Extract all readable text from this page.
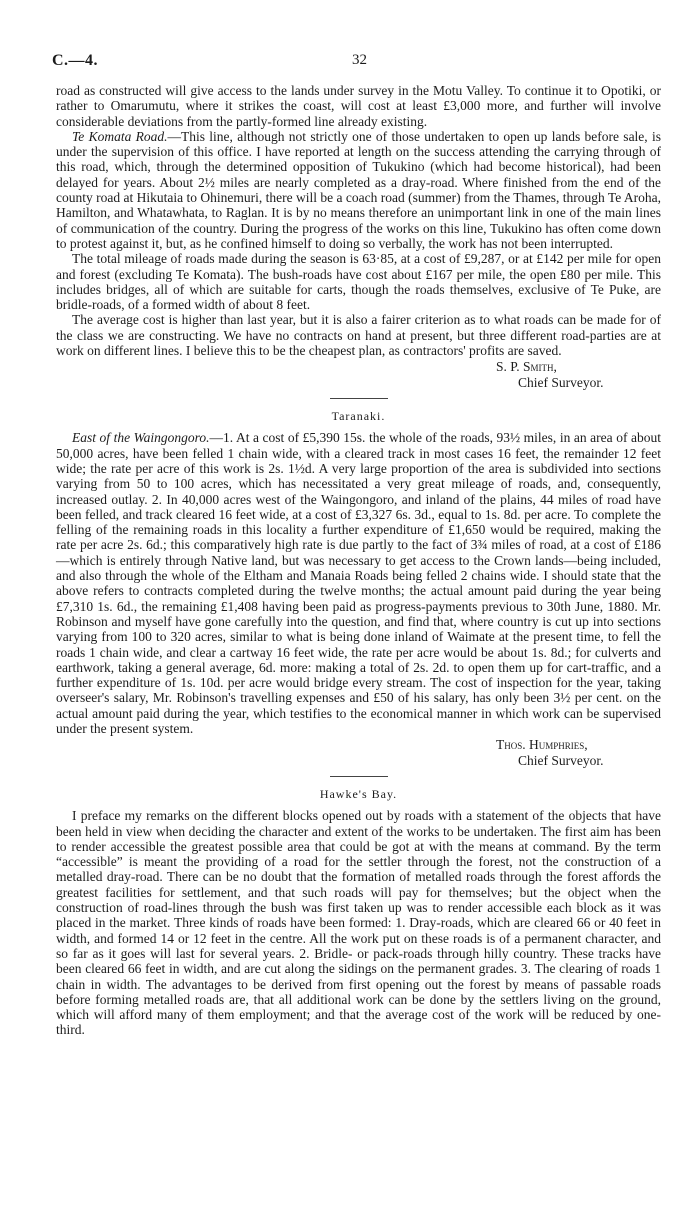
C.—4.	32

road as constructed will give access to the lands under survey in the Motu Valley. To continue it to Opotiki, or rather to Omarumutu, where it strikes the coast, will cost at least £3,000 more, and further will involve considerable deviations from the partly-formed line already existing.

Te Komata Road.—This line, although not strictly one of those undertaken to open up lands before sale, is under the supervision of this office. I have reported at length on the success attending the carrying through of this road, which, through the determined opposition of Tukukino (which had become historical), had been delayed for years. About 2½ miles are nearly completed as a dray-road. Where finished from the end of the county road at Hikutaia to Ohinemuri, there will be a coach road (summer) from the Thames, through Te Aroha, Hamilton, and Whatawhata, to Raglan. It is by no means therefore an unimportant link in one of the main lines of communication of the country. During the progress of the works on this line, Tukukino has often come down to protest against it, but, as he confined himself to doing so verbally, the work has not been interrupted.

The total mileage of roads made during the season is 63·85, at a cost of £9,287, or at £142 per mile for open and forest (excluding Te Komata). The bush-roads have cost about £167 per mile, the open £80 per mile. This includes bridges, all of which are suitable for carts, though the roads themselves, exclusive of Te Puke, are bridle-roads, of a formed width of about 8 feet.

The average cost is higher than last year, but it is also a fairer criterion as to what roads can be made for of the class we are constructing. We have no contracts on hand at present, but three different road-parties are at work on different lines. I believe this to be the cheapest plan, as contractors' profits are saved.

S. P. Smith,
Chief Surveyor.
Taranaki.

East of the Waingongoro.—1. At a cost of £5,390 15s. the whole of the roads, 93½ miles, in an area of about 50,000 acres, have been felled 1 chain wide, with a cleared track in most cases 16 feet, the remainder 12 feet wide; the rate per acre of this work is 2s. 1½d. A very large proportion of the area is subdivided into sections varying from 50 to 100 acres, which has necessitated a very great mileage of roads, and, consequently, increased outlay. 2. In 40,000 acres west of the Waingongoro, and inland of the plains, 44 miles of road have been felled, and track cleared 16 feet wide, at a cost of £3,327 6s. 3d., equal to 1s. 8d. per acre. To complete the felling of the remaining roads in this locality a further expenditure of £1,650 would be required, making the rate per acre 2s. 6d.; this comparatively high rate is due partly to the fact of 3¾ miles of road, at a cost of £186—which is entirely through Native land, but was necessary to get access to the Crown lands—being included, and also through the whole of the Eltham and Manaia Roads being felled 2 chains wide. I should state that the above refers to contracts completed during the twelve months; the actual amount paid during the year being £7,310 1s. 6d., the remaining £1,408 having been paid as progress-payments previous to 30th June, 1880. Mr. Robinson and myself have gone carefully into the question, and find that, where country is cut up into sections varying from 100 to 320 acres, similar to what is being done inland of Waimate at the present time, to fell the roads 1 chain wide, and clear a cartway 16 feet wide, the rate per acre would be about 1s. 8d.; for culverts and earthwork, taking a general average, 6d. more: making a total of 2s. 2d. to open them up for cart-traffic, and a further expenditure of 1s. 10d. per acre would bridge every stream. The cost of inspection for the year, taking overseer's salary, Mr. Robinson's travelling expenses and £50 of his salary, has only been 3½ per cent. on the actual amount paid during the year, which testifies to the economical manner in which work can be supervised under the present system.

Thos. Humphries,
Chief Surveyor.
Hawke's Bay.

I preface my remarks on the different blocks opened out by roads with a statement of the objects that have been held in view when deciding the character and extent of the works to be undertaken. The first aim has been to render accessible the greatest possible area that could be got at with the means at command. By the term “accessible” is meant the providing of a road for the settler through the forest, not the construction of a metalled dray-road. There can be no doubt that the formation of metalled roads through the forest affords the greatest facilities for settlement, and that such roads will pay for themselves; but the object when the construction of road-lines through the bush was first taken up was to render accessible each block as it was placed in the market. Three kinds of roads have been formed: 1. Dray-roads, which are cleared 66 or 40 feet in width, and formed 14 or 12 feet in the centre. All the work put on these roads is of a permanent character, and so far as it goes will last for several years. 2. Bridle- or pack-roads through hilly country. These tracks have been cleared 66 feet in width, and are cut along the sidings on the permanent grades. 3. The clearing of roads 1 chain in width. The advantages to be derived from first opening out the forest by means of passable roads before forming metalled roads are, that all additional work can be done by the settlers living on the ground, which will afford many of them employment; and that the average cost of the work will be reduced by one-third.
